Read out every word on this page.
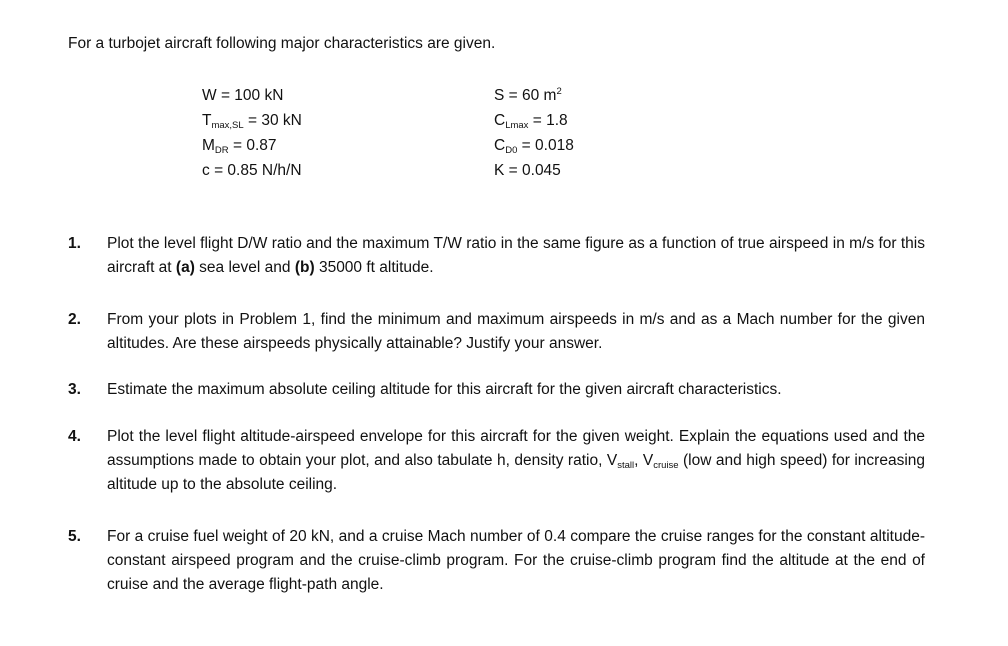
For a turbojet aircraft following major characteristics are given.

W = 100 kN
$T_{max,SL} = 30$ kN
$M_{DR} = 0.87$
c = 0.85 N/h/N
S = 60 $m^2$
$C_{Lmax} = 1.8$
$C_{D0} = 0.018$
K = 0.045
1. Plot the level flight D/W ratio and the maximum T/W ratio in the same figure as a function of true airspeed in m/s for this aircraft at (a) sea level and (b) 35000 ft altitude.

2. From your plots in Problem 1, find the minimum and maximum airspeeds in m/s and as a Mach number for the given altitudes. Are these airspeeds physically attainable? Justify your answer.

3. Estimate the maximum absolute ceiling altitude for this aircraft for the given aircraft characteristics.

4. Plot the level flight altitude-airspeed envelope for this aircraft for the given weight. Explain the equations used and the assumptions made to obtain your plot, and also tabulate h, density ratio, $V_{stall}$, $V_{cruise}$ (low and high speed) for increasing altitude up to the absolute ceiling.

5. For a cruise fuel weight of 20 kN, and a cruise Mach number of 0.4 compare the cruise ranges for the constant altitude-constant airspeed program and the cruise-climb program. For the cruise-climb program find the altitude at the end of cruise and the average flight-path angle.
